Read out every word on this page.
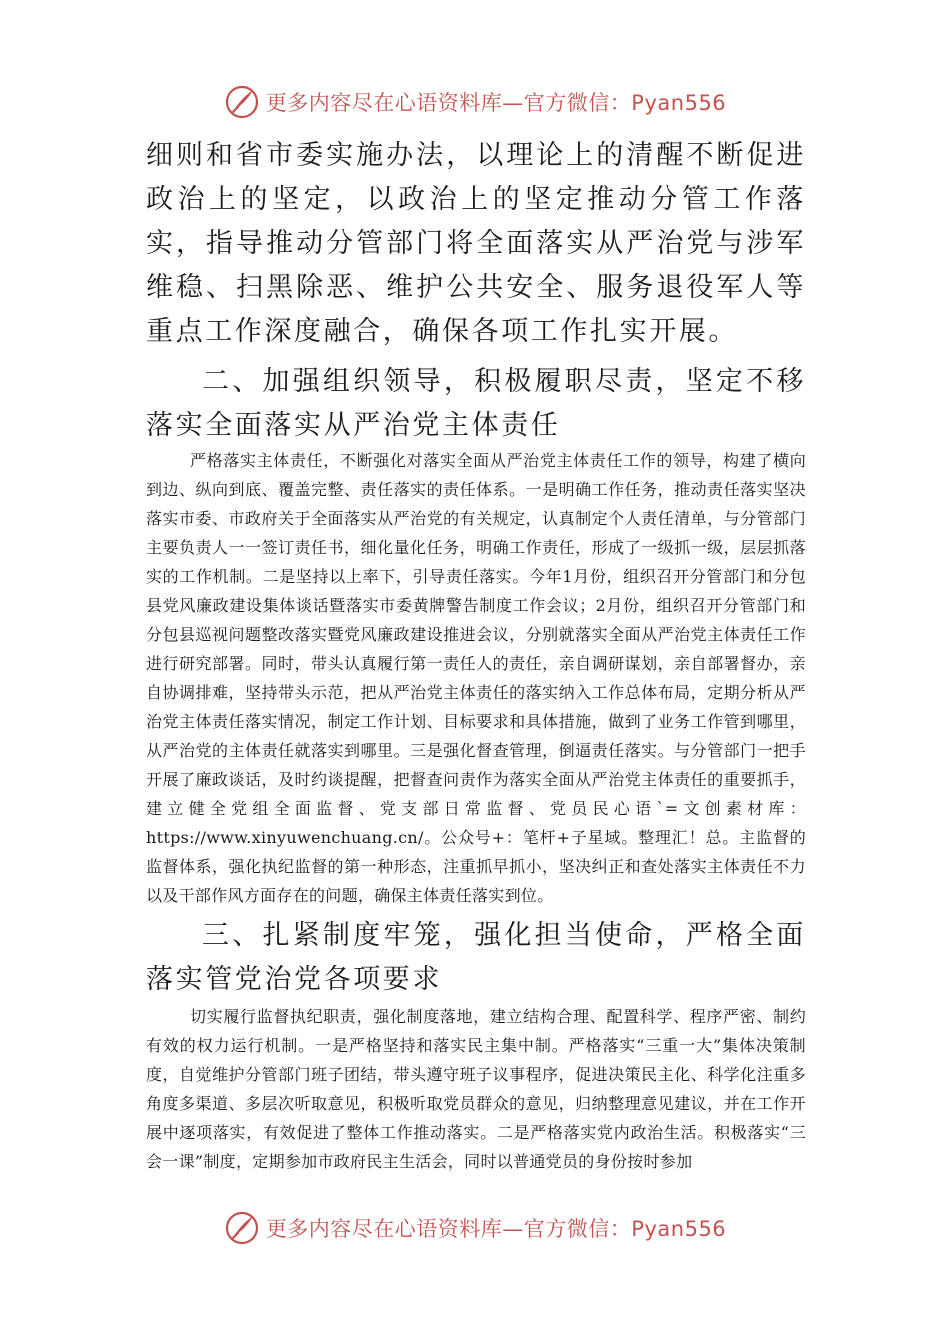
更多内容尽在心语资料库—官方微信：Pyan556

细则和省市委实施办法，以理论上的清醒不断促进政治上的坚定，以政治上的坚定推动分管工作落实，指导推动分管部门将全面落实从严治党与涉军维稳、扫黑除恶、维护公共安全、服务退役军人等重点工作深度融合，确保各项工作扎实开展。

二、加强组织领导，积极履职尽责，坚定不移落实全面落实从严治党主体责任

严格落实主体责任，不断强化对落实全面从严治党主体责任工作的领导，构建了横向到边、纵向到底、覆盖完整、责任落实的责任体系。一是明确工作任务，推动责任落实坚决落实市委、市政府关于全面落实从严治党的有关规定，认真制定个人责任清单，与分管部门主要负责人一一签订责任书，细化量化任务，明确工作责任，形成了一级抓一级，层层抓落实的工作机制。二是坚持以上率下，引导责任落实。今年1月份，组织召开分管部门和分包县党风廉政建设集体谈话暨落实市委黄牌警告制度工作会议；2月份，组织召开分管部门和分包县巡视问题整改落实暨党风廉政建设推进会议，分别就落实全面从严治党主体责任工作进行研究部署。同时，带头认真履行第一责任人的责任，亲自调研谋划，亲自部署督办，亲自协调排难，坚持带头示范，把从严治党主体责任的落实纳入工作总体布局，定期分析从严治党主体责任落实情况，制定工作计划、目标要求和具体措施，做到了业务工作管到哪里，从严治党的主体责任就落实到哪里。三是强化督查管理，倒逼责任落实。与分管部门一把手开展了廉政谈话，及时约谈提醒，把督查问责作为落实全面从严治党主体责任的重要抓手，建立健全党组全面监督、党支部日常监督、党员民心语`=文创素材库：https://www.xinyuwenchuang.cn/。公众号+：笔杆+子星域。整理汇！总。主监督的监督体系，强化执纪监督的第一种形态，注重抓早抓小，坚决纠正和查处落实主体责任不力以及干部作风方面存在的问题，确保主体责任落实到位。

三、扎紧制度牢笼，强化担当使命，严格全面落实管党治党各项要求

切实履行监督执纪职责，强化制度落地，建立结构合理、配置科学、程序严密、制约有效的权力运行机制。一是严格坚持和落实民主集中制。严格落实“三重一大”集体决策制度，自觉维护分管部门班子团结，带头遵守班子议事程序，促进决策民主化、科学化注重多角度多渠道、多层次听取意见，积极听取党员群众的意见，归纳整理意见建议，并在工作开展中逐项落实，有效促进了整体工作推动落实。二是严格落实党内政治生活。积极落实“三会一课”制度，定期参加市政府民主生活会，同时以普通党员的身份按时参加

更多内容尽在心语资料库—官方微信：Pyan556
